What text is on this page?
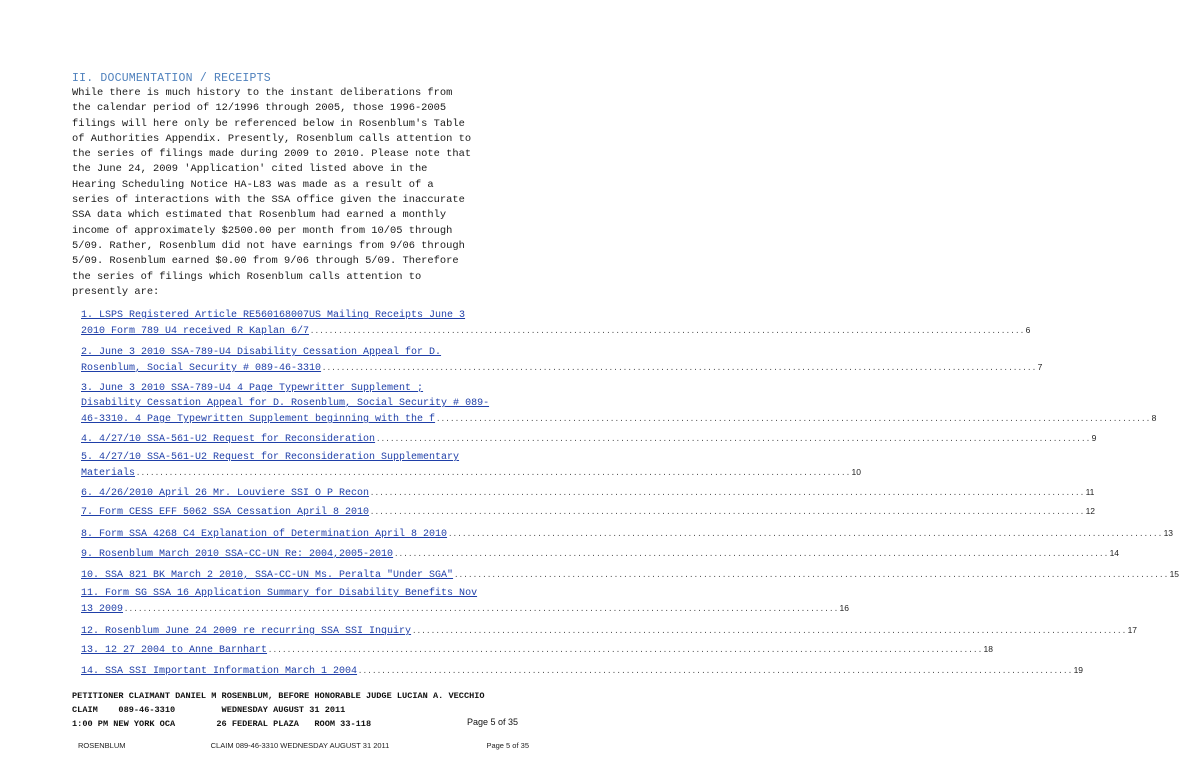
II. DOCUMENTATION / RECEIPTS
While there is much history to the instant deliberations from
the calendar period of 12/1996 through 2005, those 1996-2005
filings will here only be referenced below in Rosenblum's Table
of Authorities Appendix. Presently, Rosenblum calls attention to
the series of filings made during 2009 to 2010. Please note that
the June 24, 2009 'Application' cited listed above in the
Hearing Scheduling Notice HA-L83 was made as a result of a
series of interactions with the SSA office given the inaccurate
SSA data which estimated that Rosenblum had earned a monthly
income of approximately $2500.00 per month from 10/05 through
5/09. Rather, Rosenblum did not have earnings from 9/06 through
5/09. Rosenblum earned $0.00 from 9/06 through 5/09. Therefore
the series of filings which Rosenblum calls attention to
presently are:
1. LSPS Registered Article RE560168007US Mailing Receipts June 3
2010 Form 789 U4 received R Kaplan 6/7 ........................................................................................................................................................ 6
2. June 3 2010 SSA-789-U4 Disability Cessation Appeal for D.
Rosenblum, Social Security # 089-46-3310 ........................................................................................................................................................ 7
3. June 3 2010 SSA-789-U4 4 Page Typewritter Supplement ;
Disability Cessation Appeal for D. Rosenblum, Social Security # 089-
46-3310. 4 Page Typewritten Supplement beginning with the f ........................................................................................................................................................ 8
4. 4/27/10 SSA-561-U2 Request for Reconsideration ........................................................................................................................................................ 9
5. 4/27/10 SSA-561-U2 Request for Reconsideration Supplementary
Materials ........................................................................................................................................................ 10
6. 4/26/2010 April 26 Mr. Louviere SSI O P Recon ........................................................................................................................................................ 11
7. Form CESS EFF 5062 SSA Cessation April 8 2010 ........................................................................................................................................................ 12
8. Form SSA 4268 C4 Explanation of Determination April 8 2010 ........................................................................................................................................................ 13
9. Rosenblum March 2010 SSA-CC-UN Re: 2004,2005-2010 ........................................................................................................................................................ 14
10. SSA 821 BK March 2 2010, SSA-CC-UN Ms. Peralta "Under SGA" ........................................................................................................................................................ 15
11. Form SG SSA 16 Application Summary for Disability Benefits Nov
13 2009 ........................................................................................................................................................ 16
12. Rosenblum June 24 2009 re recurring SSA SSI Inquiry ........................................................................................................................................................ 17
13. 12 27 2004 to Anne Barnhart ........................................................................................................................................................ 18
14. SSA SSI Important Information March 1 2004 ........................................................................................................................................................ 19
PETITIONER CLAIMANT DANIEL M ROSENBLUM, BEFORE HONORABLE JUDGE LUCIAN A. VECCHIO
CLAIM    089-46-3310         WEDNESDAY AUGUST 31 2011
1:00 PM NEW YORK OCA        26 FEDERAL PLAZA   ROOM 33-118	Page 5 of 35
ROSENBLUM	CLAIM 089-46-3310 WEDNESDAY AUGUST 31 2011	Page 5 of 35
